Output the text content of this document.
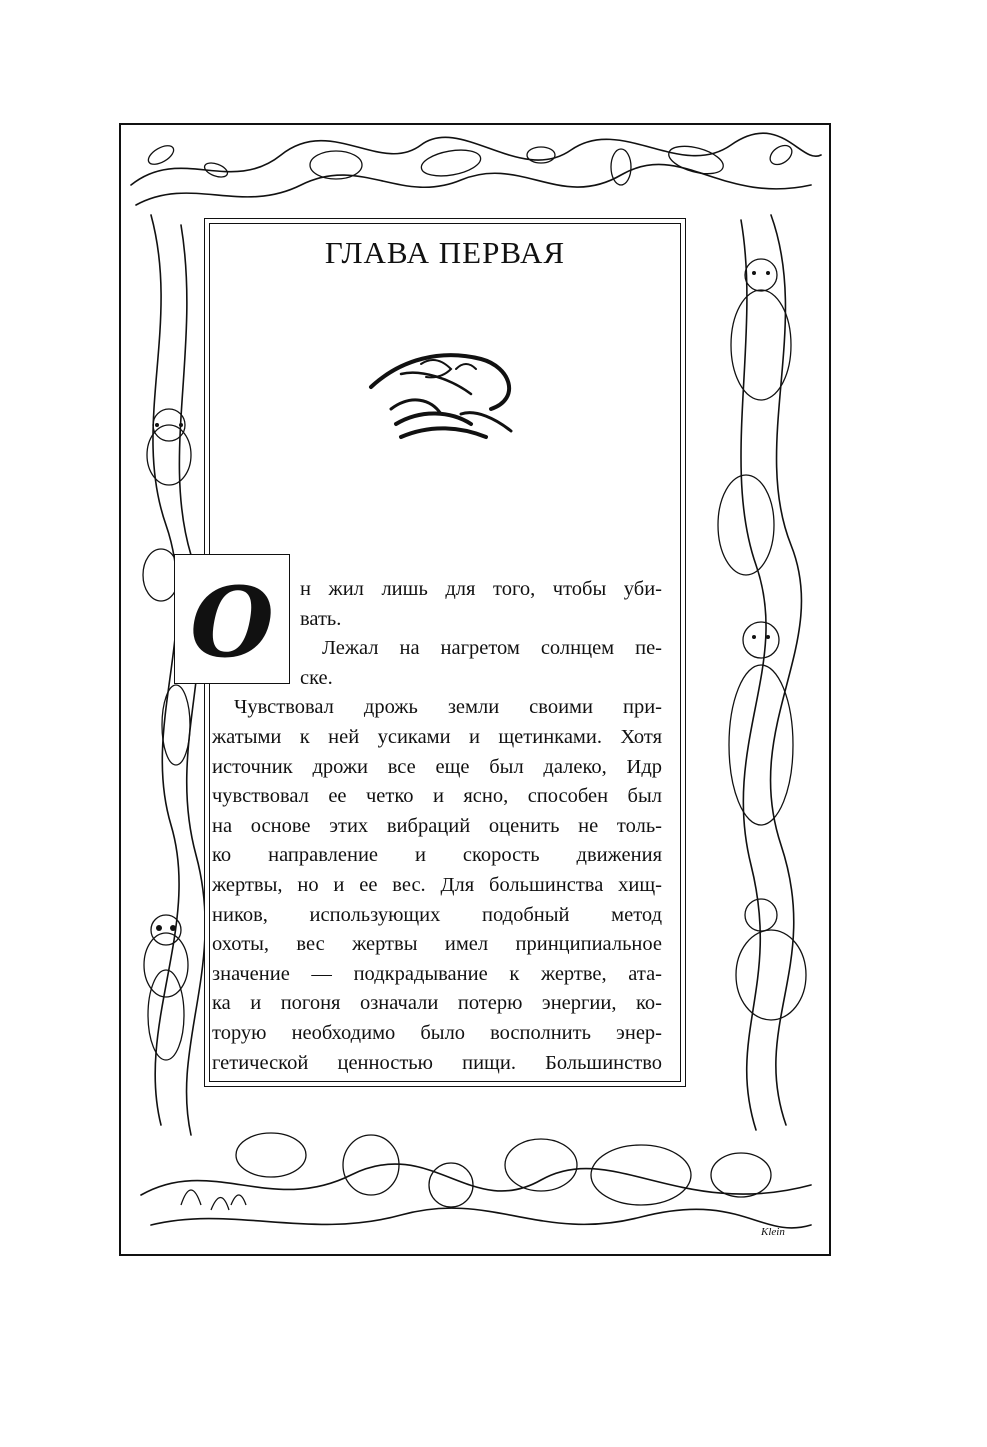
Klein
ГЛАВА ПЕРВАЯ
О	н жил лишь для того, чтобы уби-
вать.

Лежал на нагретом солнцем пе-
ске.

Чувствовал дрожь земли своими при-
жатыми к ней усиками и щетинками. Хотя
источник дрожи все еще был далеко, Идр
чувствовал ее четко и ясно, способен был
на основе этих вибраций оценить не толь-
ко направление и скорость движения
жертвы, но и ее вес. Для большинства хищ-
ников, использующих подобный метод
охоты, вес жертвы имел принципиальное
значение — подкрадывание к жертве, ата-
ка и погоня означали потерю энергии, ко-
торую необходимо было восполнить энер-
гетической ценностью пищи. Большинство
